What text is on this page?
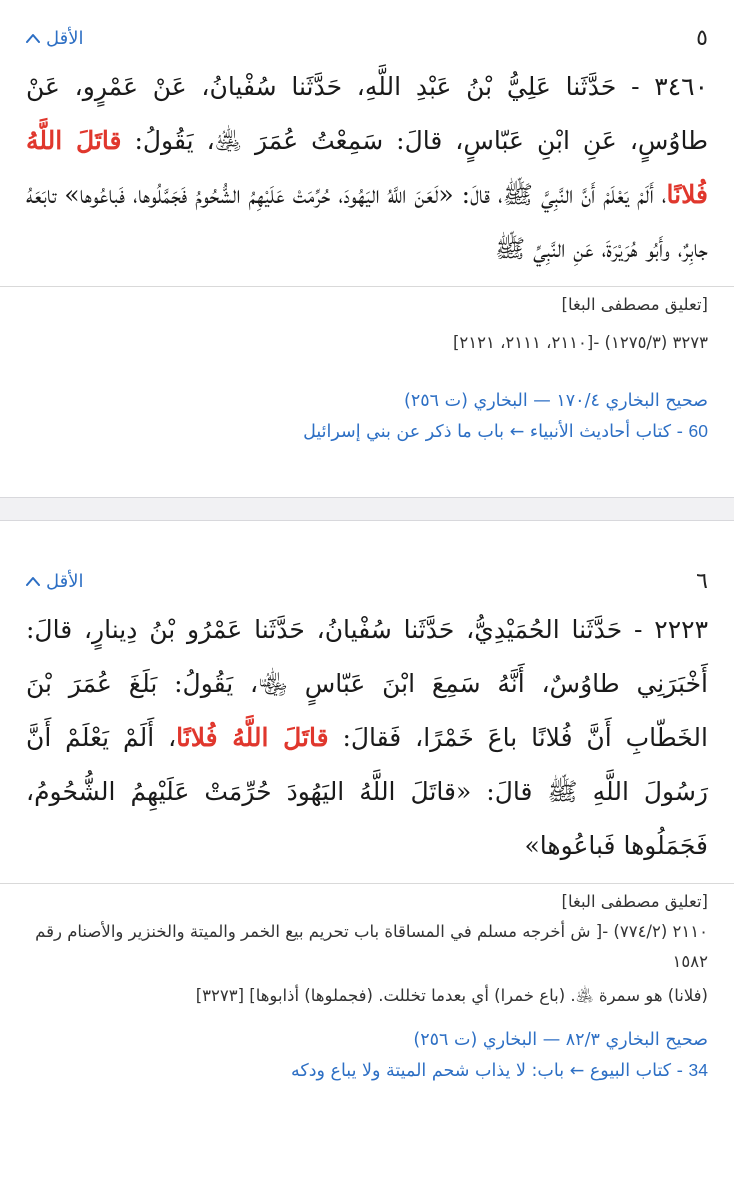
٥
الأقل

٣٤٦٠ - حَدَّثَنا عَلِيُّ بْنُ عَبْدِ اللَّهِ، حَدَّثَنا سُفْيانُ، عَنْ عَمْرٍو، عَنْ طاوُسٍ، عَنِ ابْنِ عَبّاسٍ، قالَ: سَمِعْتُ عُمَرَ ﵁، يَقُولُ: قاتَلَ اللَّهُ فُلانًا، أَلَمْ يَعْلَمْ أَنَّ النَّبِيَّ ﷺ، قالَ: «لَعَنَ اللَّهُ اليَهُودَ، حُرِّمَتْ عَلَيْهِمُ الشُّحُومُ فَجَمَّلُوها، فَباعُوها» تابَعَهُ جابِرٌ، وأَبُو هُرَيْرَةَ، عَنِ النَّبِيِّ ﷺ

[تعليق مصطفى البغا]
٣٢٧٣ (١٢٧٥/٣) -[٢١١٠، ٢١١١، ٢١٢١]
صحيح البخاري ١٧٠/٤ — البخاري (ت ٢٥٦)
60 - كتاب أحاديث الأنبياء ← باب ما ذكر عن بني إسرائيل
٦
الأقل

٢٢٢٣ - حَدَّثَنا الحُمَيْدِيُّ، حَدَّثَنا سُفْيانُ، حَدَّثَنا عَمْرُو بْنُ دِينارٍ، قالَ: أَخْبَرَنِي طاوُسٌ، أَنَّهُ سَمِعَ ابْنَ عَبّاسٍ ﵄، يَقُولُ: بَلَغَ عُمَرَ بْنَ الخَطّابِ أَنَّ فُلانًا باعَ خَمْرًا، فَقالَ: قاتَلَ اللَّهُ فُلانًا، أَلَمْ يَعْلَمْ أَنَّ رَسُولَ اللَّهِ ﷺ قالَ: «قاتَلَ اللَّهُ اليَهُودَ حُرِّمَتْ عَلَيْهِمُ الشُّحُومُ، فَجَمَلُوها فَباعُوها»

[تعليق مصطفى البغا]
٢١١٠ (٧٧٤/٢) -[ ش أخرجه مسلم في المساقاة باب تحريم بيع الخمر والميتة والخنزير والأصنام رقم ١٥٨٢
(فلانا) هو سمرة ﵁. (باع خمرا) أي بعدما تخللت. (فجملوها) أذابوها] [٣٢٧٣]
صحيح البخاري ٨٢/٣ — البخاري (ت ٢٥٦)
34 - كتاب البيوع ← باب: لا يذاب شحم الميتة ولا يباع ودكه
